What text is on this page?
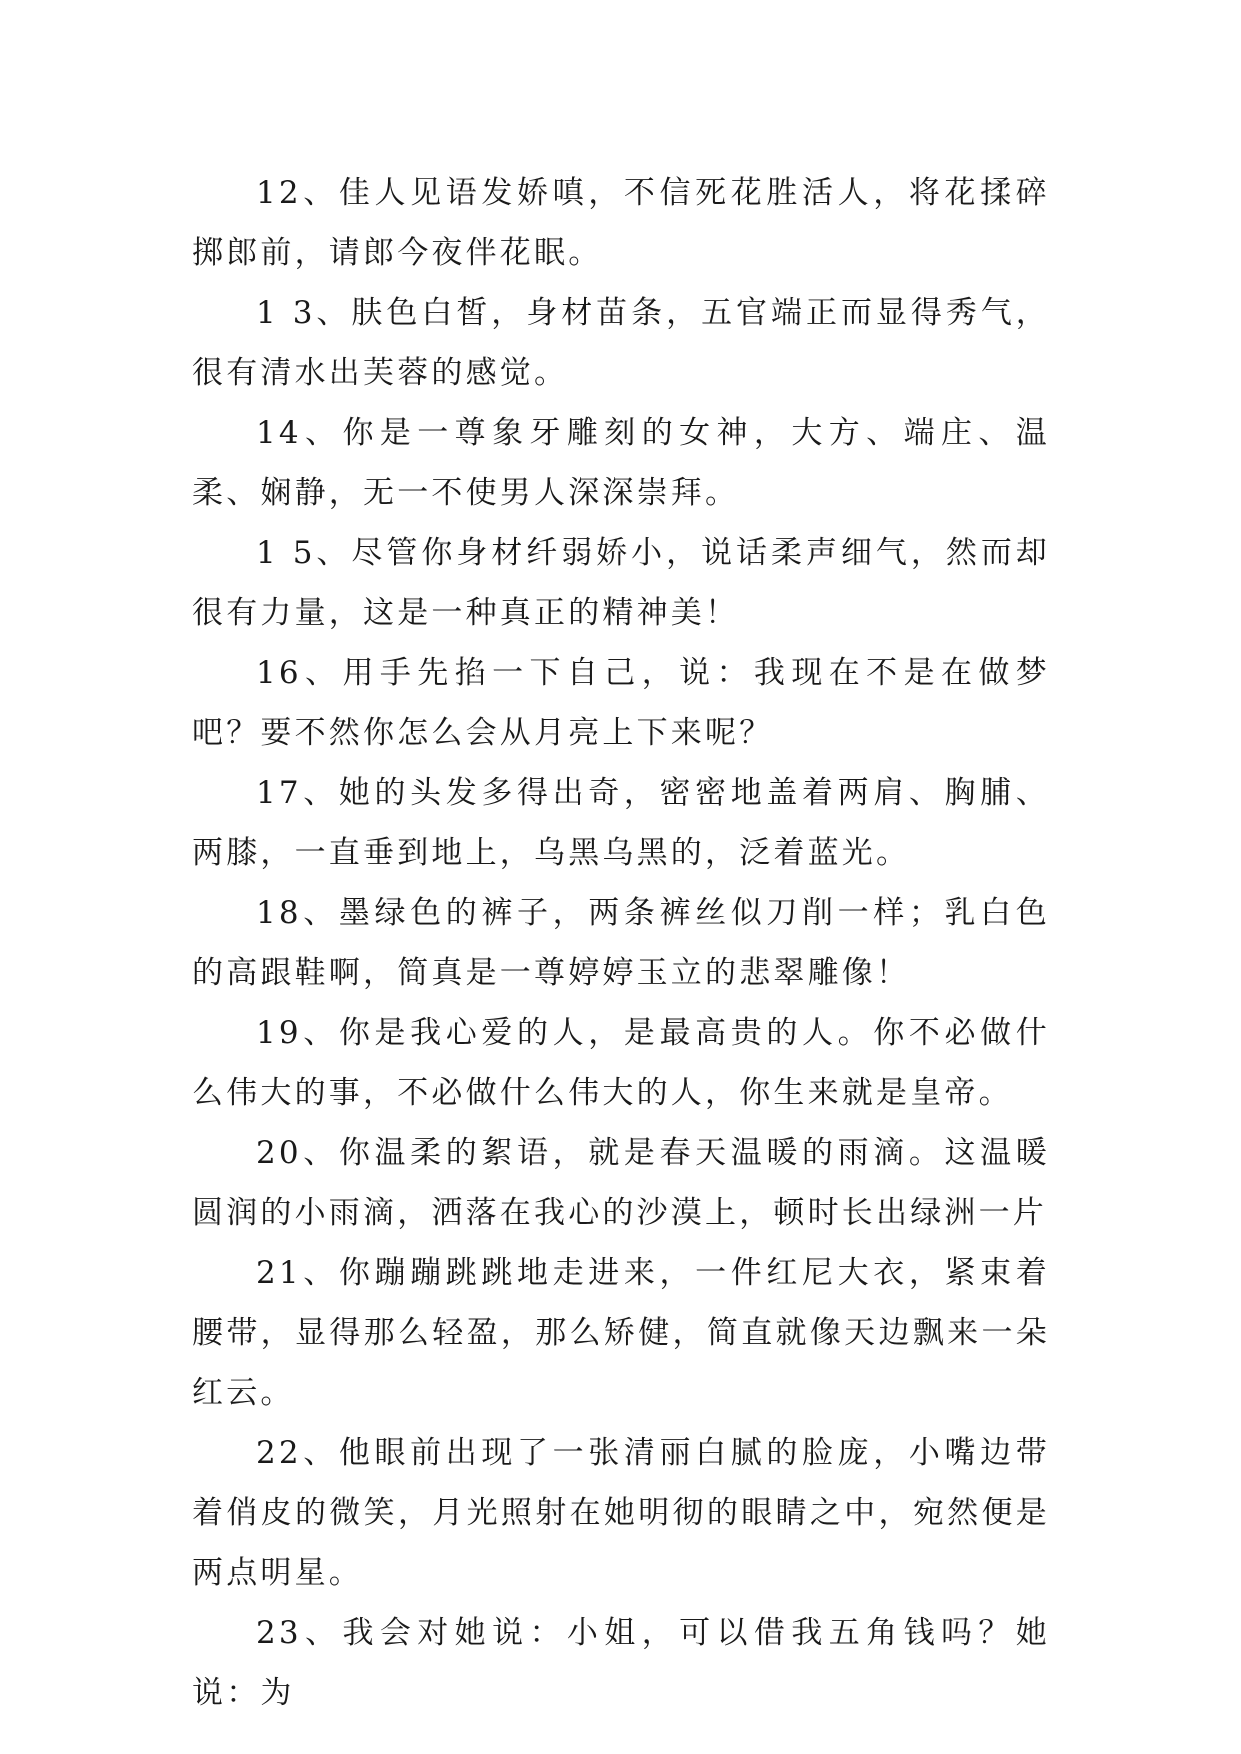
12、佳人见语发娇嗔，不信死花胜活人，将花揉碎掷郎前，请郎今夜伴花眠。

1 3、肤色白皙，身材苗条，五官端正而显得秀气，很有清水出芙蓉的感觉。

14、你是一尊象牙雕刻的女神，大方、端庄、温柔、娴静，无一不使男人深深崇拜。

1 5、尽管你身材纤弱娇小，说话柔声细气，然而却很有力量，这是一种真正的精神美！

16、用手先掐一下自己，说：我现在不是在做梦吧？要不然你怎么会从月亮上下来呢？

17、她的头发多得出奇，密密地盖着两肩、胸脯、两膝，一直垂到地上，乌黑乌黑的，泛着蓝光。

18、墨绿色的裤子，两条裤丝似刀削一样；乳白色的高跟鞋啊，简真是一尊婷婷玉立的悲翠雕像！

19、你是我心爱的人，是最高贵的人。你不必做什么伟大的事，不必做什么伟大的人，你生来就是皇帝。

20、你温柔的絮语，就是春天温暖的雨滴。这温暖圆润的小雨滴，洒落在我心的沙漠上，顿时长出绿洲一片

21、你蹦蹦跳跳地走进来，一件红尼大衣，紧束着腰带，显得那么轻盈，那么矫健，简直就像天边飘来一朵红云。

22、他眼前出现了一张清丽白腻的脸庞，小嘴边带着俏皮的微笑，月光照射在她明彻的眼睛之中，宛然便是两点明星。

23、我会对她说：小姐，可以借我五角钱吗？她说：为
